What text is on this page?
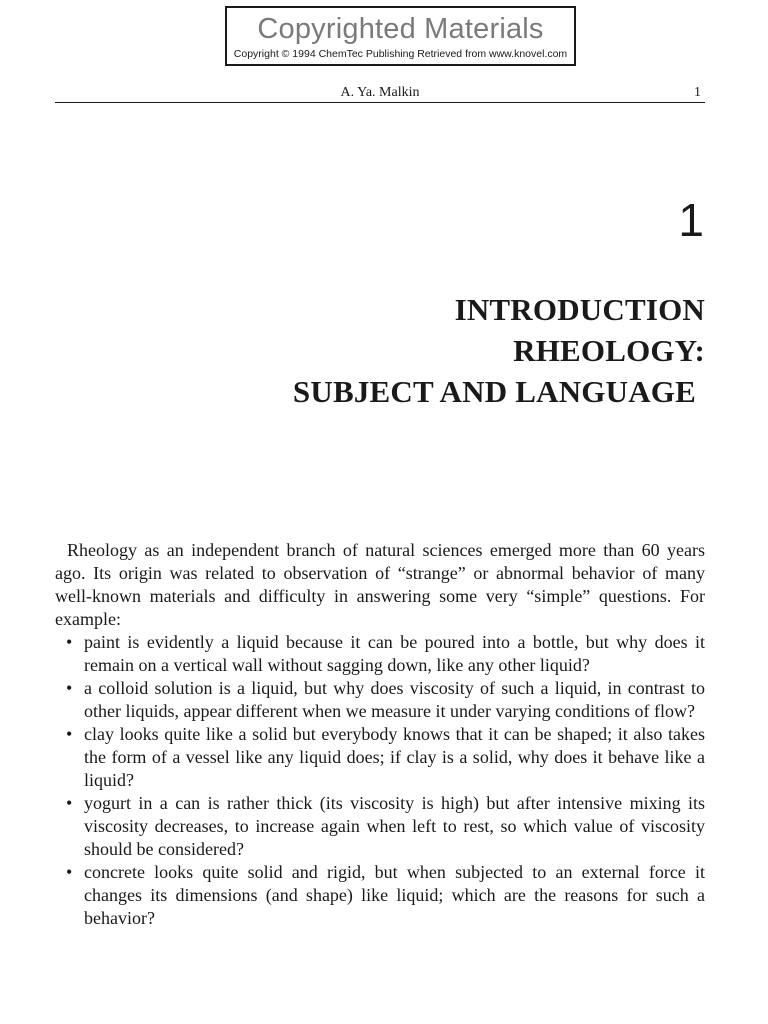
Copyrighted Materials
Copyright © 1994 ChemTec Publishing Retrieved from www.knovel.com
A. Ya. Malkin	1
1
INTRODUCTION
RHEOLOGY:
SUBJECT AND LANGUAGE

Rheology as an independent branch of natural sciences emerged more than 60 years ago. Its origin was related to observation of “strange” or abnormal behavior of many well-known materials and difficulty in answering some very “simple” questions. For example:

• paint is evidently a liquid because it can be poured into a bottle, but why does it remain on a vertical wall without sagging down, like any other liquid?
• a colloid solution is a liquid, but why does viscosity of such a liquid, in contrast to other liquids, appear different when we measure it under varying conditions of flow?
• clay looks quite like a solid but everybody knows that it can be shaped; it also takes the form of a vessel like any liquid does; if clay is a solid, why does it behave like a liquid?
• yogurt in a can is rather thick (its viscosity is high) but after intensive mixing its viscosity decreases, to increase again when left to rest, so which value of viscosity should be considered?
• concrete looks quite solid and rigid, but when subjected to an external force it changes its dimensions (and shape) like liquid; which are the reasons for such a behavior?
